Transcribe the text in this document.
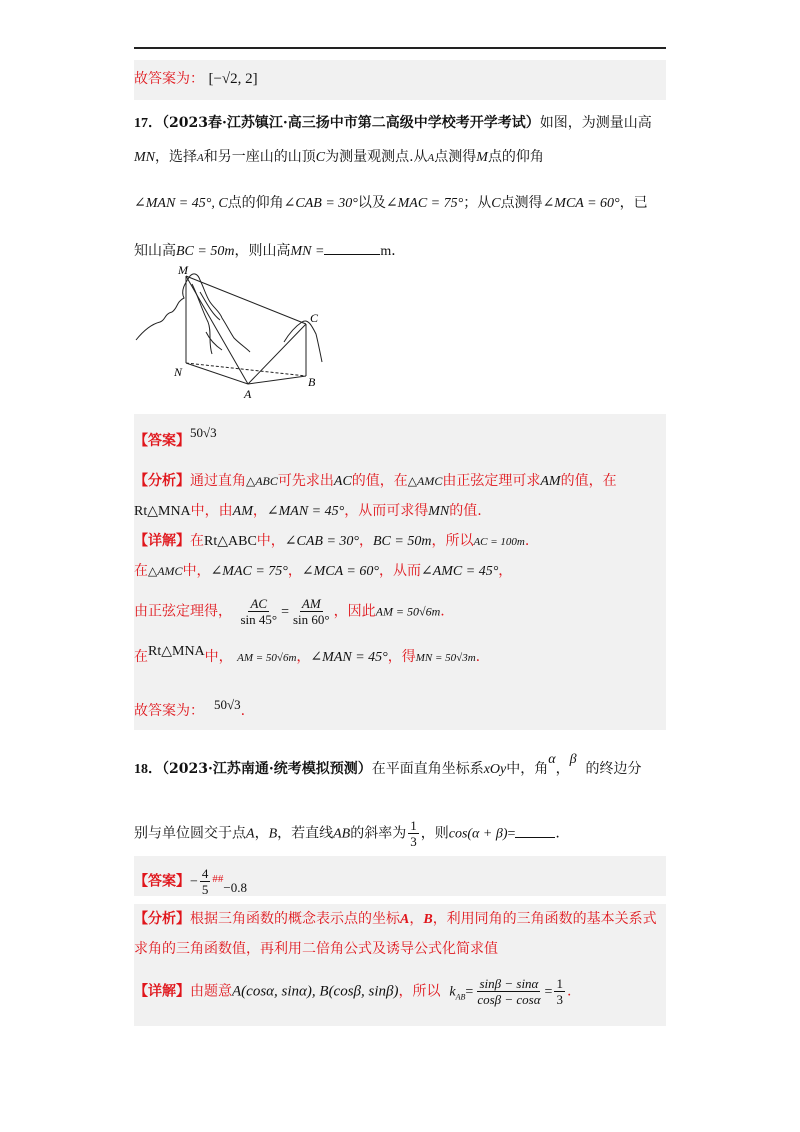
故答案为： [−√2, 2]
17．（2023春·江苏镇江·高三扬中市第二高级中学校考开学考试）如图，为测量山高
MN，选择A和另一座山的山顶C为测量观测点.从A点测得M点的仰角
∠MAN = 45°, C点的仰角∠CAB = 30°以及∠MAC = 75°；从C点测得∠MCA = 60°，已
知山高BC = 50m，则山高MN =	m．
M
C
N
A
B
【答案】50√3
【分析】通过直角△ABC可先求出AC的值，在△AMC由正弦定理可求AM的值，在
Rt△MNA中，由AM，∠MAN = 45°，从而可求得MN的值.
【详解】在Rt△ABC中，∠CAB = 30°，BC = 50m，所以AC = 100m.
在△AMC中，∠MAC = 75°，∠MCA = 60°，从而∠AMC = 45°，
由正弦定理得， $\frac{AC}{\sin 45^\circ} = \frac{AM}{\sin 60^\circ}$ ，因此AM = 50√6m.
在Rt△MNA中， AM = 50√6m，∠MAN = 45°，得MN = 50√3m.
故答案为： 50√3.
18．（2023·江苏南通·统考模拟预测）在平面直角坐标系xOy中，角α，β  的终边分
别与单位圆交于点A，B，若直线AB的斜率为 $\frac{1}{3}$ ，则cos(α + β)=	.
【答案】− $\frac{4}{5} ^{\#\#}-0.8$
【分析】根据三角函数的概念表示点的坐标A，B，利用同角的三角函数的基本关系式
求角的三角函数值，再利用二倍角公式及诱导公式化简求值
【详解】由题意A(cosα, sinα), B(cosβ, sinβ)，所以 $k_{AB}= \frac{\sin\beta - \sin\alpha}{\cos\beta - \cos\alpha} = \frac{1}{3}$ .
